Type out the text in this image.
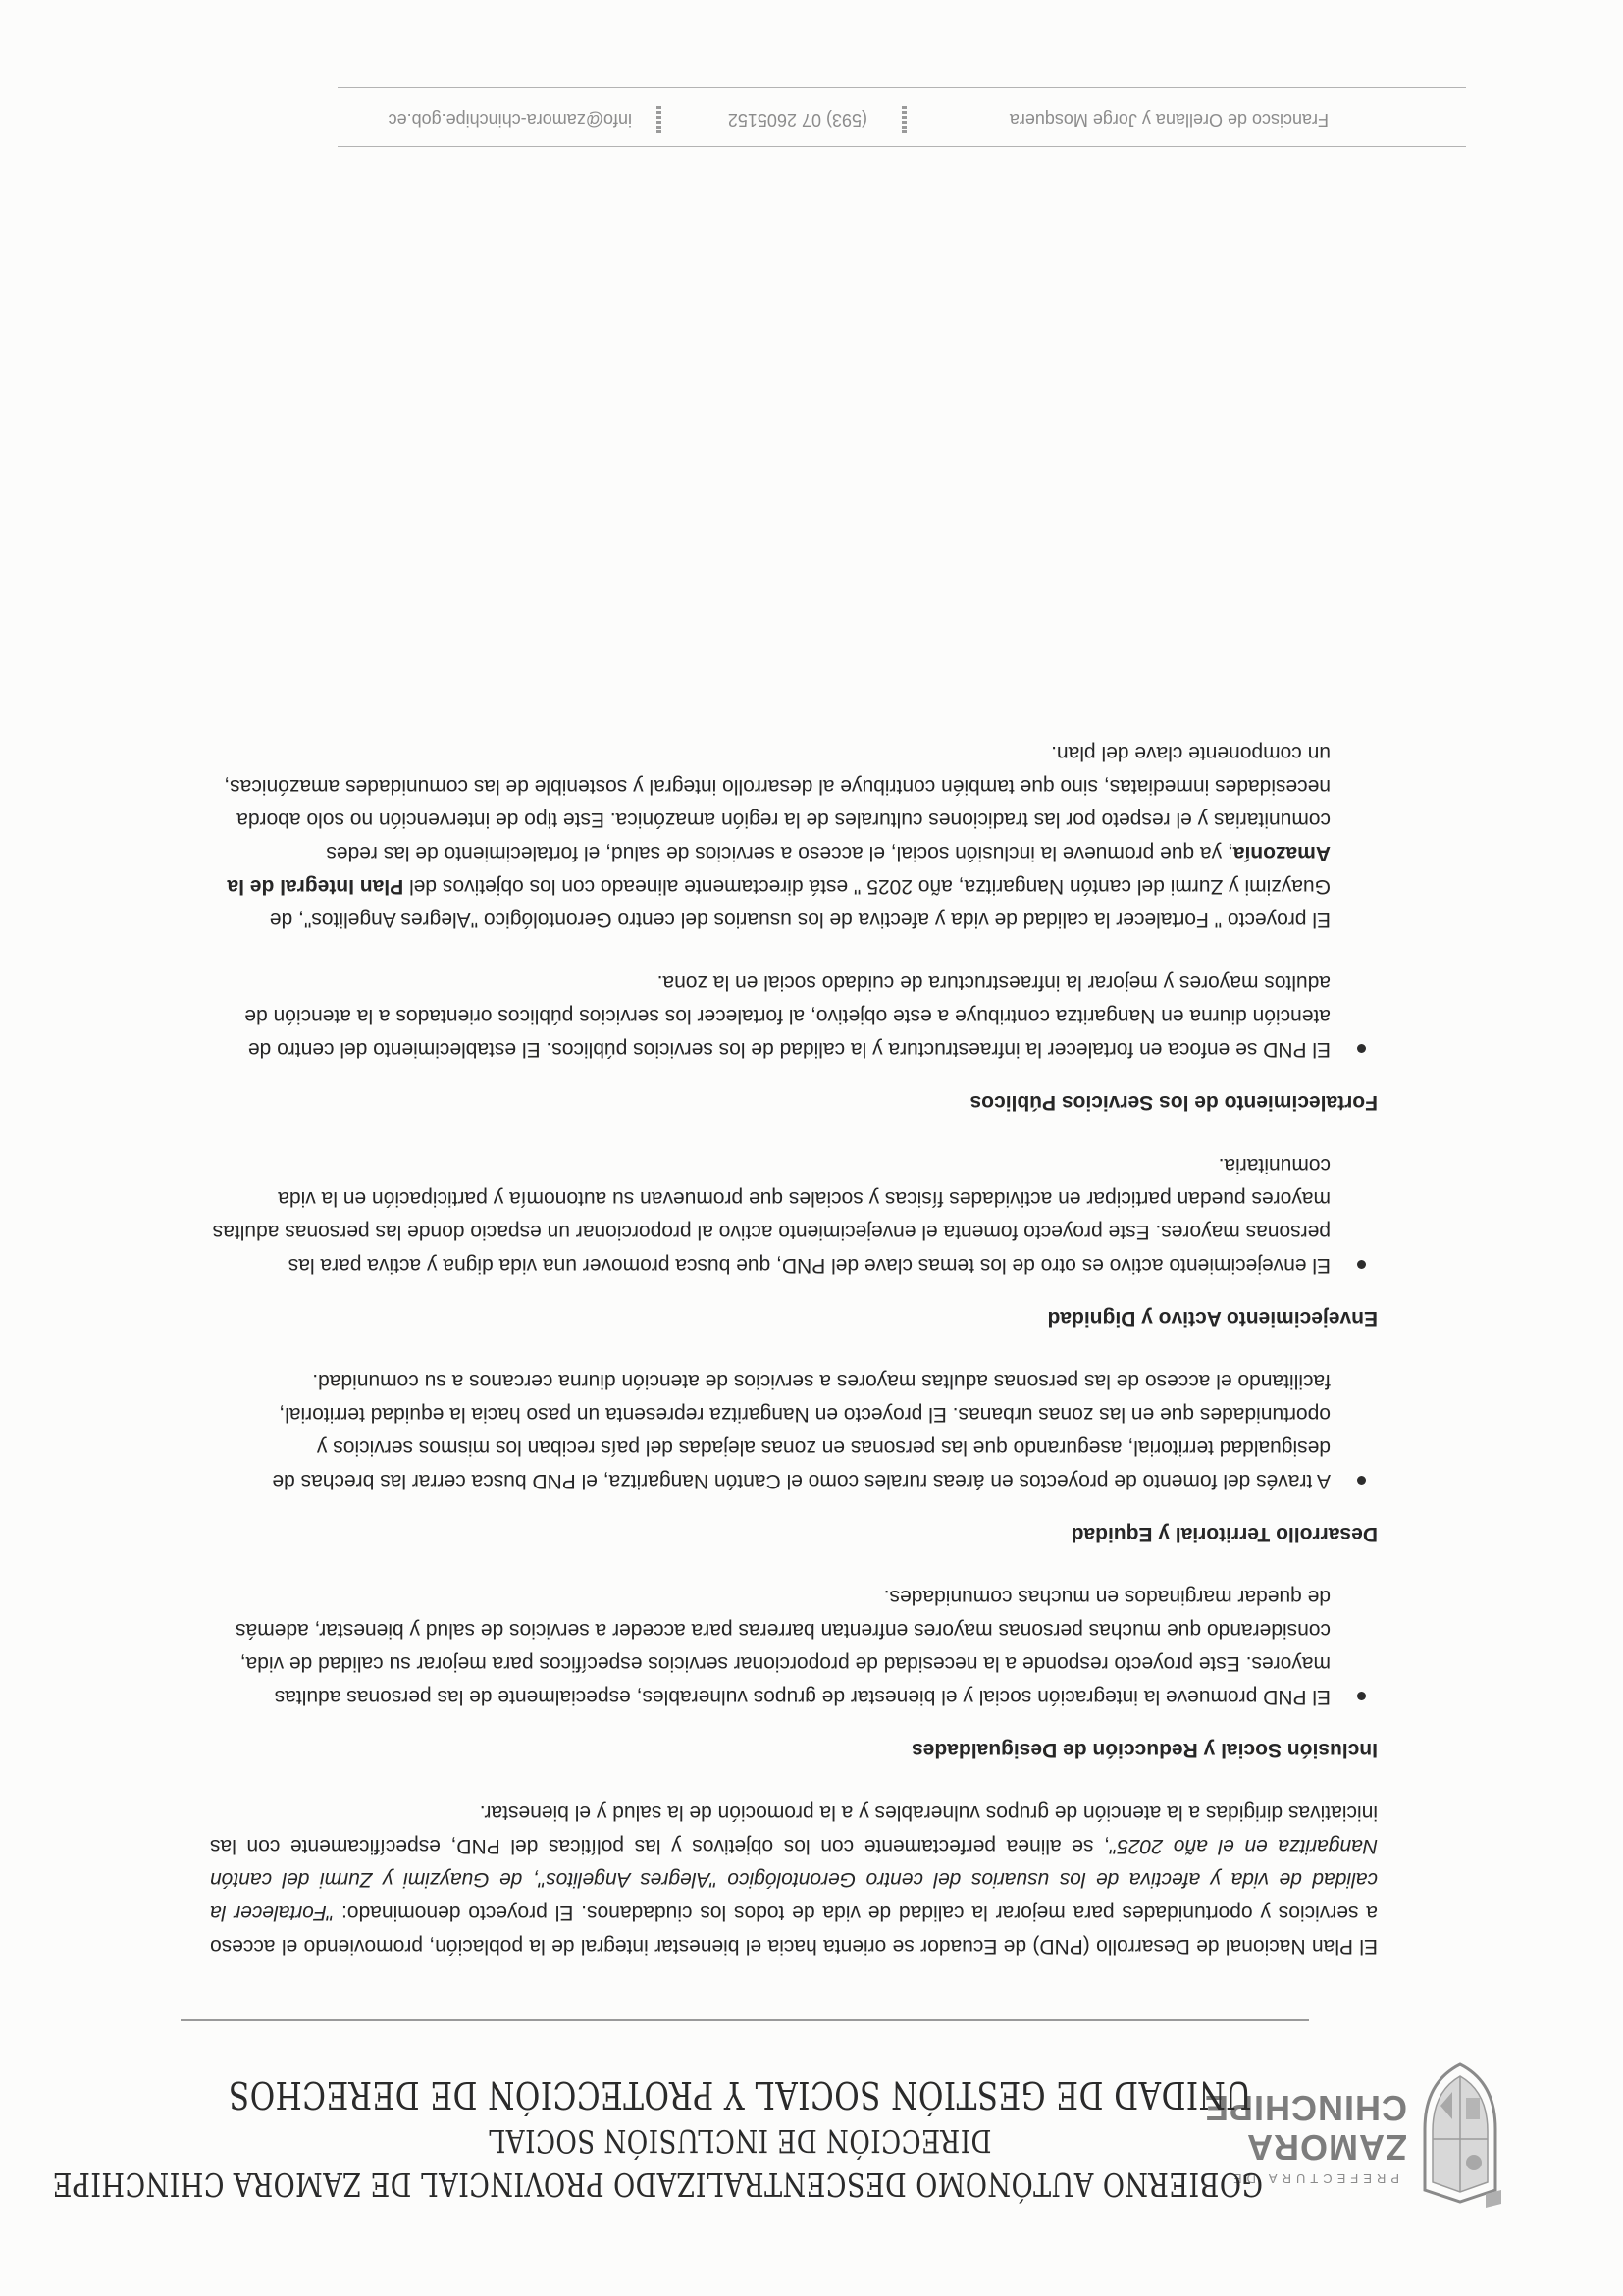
PREFECTURA DE
ZAMORA
CHINCHIPE
GOBIERNO AUTÓNOMO DESCENTRALIZADO PROVINCIAL DE ZAMORA CHINCHIPE
DIRECCIÓN DE INCLUSIÓN SOCIAL
UNIDAD DE GESTIÓN SOCIAL Y PROTECCIÓN DE DERECHOS

El Plan Nacional de Desarrollo (PND) de Ecuador se orienta hacia el bienestar integral de la población, promoviendo el acceso a servicios y oportunidades para mejorar la calidad de vida de todos los ciudadanos. El proyecto denominado: "Fortalecer la calidad de vida y afectiva de los usuarios del centro Gerontológico "Alegres Angelitos", de Guayzimi y Zurmi del cantón Nangaritza en el año 2025", se alinea perfectamente con los objetivos y las políticas del PND, específicamente con las iniciativas dirigidas a la atención de grupos vulnerables y a la promoción de la salud y el bienestar.

Inclusión Social y Reducción de Desigualdades
El PND promueve la integración social y el bienestar de grupos vulnerables, especialmente de las personas adultas mayores. Este proyecto responde a la necesidad de proporcionar servicios específicos para mejorar su calidad de vida, considerando que muchas personas mayores enfrentan barreras para acceder a servicios de salud y bienestar, además de quedar marginados en muchas comunidades.
Desarrollo Territorial y Equidad
A través del fomento de proyectos en áreas rurales como el Cantón Nangaritza, el PND busca cerrar las brechas de desigualdad territorial, asegurando que las personas en zonas alejadas del país reciban los mismos servicios y oportunidades que en las zonas urbanas. El proyecto en Nangaritza representa un paso hacia la equidad territorial, facilitando el acceso de las personas adultas mayores a servicios de atención diurna cercanos a su comunidad.
Envejecimiento Activo y Dignidad
El envejecimiento activo es otro de los temas clave del PND, que busca promover una vida digna y activa para las personas mayores. Este proyecto fomenta el envejecimiento activo al proporcionar un espacio donde las personas adultas mayores puedan participar en actividades físicas y sociales que promuevan su autonomía y participación en la vida comunitaria.
Fortalecimiento de los Servicios Públicos
El PND se enfoca en fortalecer la infraestructura y la calidad de los servicios públicos. El establecimiento del centro de atención diurna en Nangaritza contribuye a este objetivo, al fortalecer los servicios públicos orientados a la atención de adultos mayores y mejorar la infraestructura de cuidado social en la zona.

El proyecto " Fortalecer la calidad de vida y afectiva de los usuarios del centro Gerontológico "Alegres Angelitos", de Guayzimi y Zurmi del cantón Nangaritza, año 2025 " está directamente alineado con los objetivos del Plan Integral de la Amazonía, ya que promueve la inclusión social, el acceso a servicios de salud, el fortalecimiento de las redes comunitarias y el respeto por las tradiciones culturales de la región amazónica. Este tipo de intervención no solo aborda necesidades inmediatas, sino que también contribuye al desarrollo integral y sostenible de las comunidades amazónicas, un componente clave del plan.

Francisco de Orellana y Jorge Mosquera
(593) 07 2605152
info@zamora-chinchipe.gob.ec
